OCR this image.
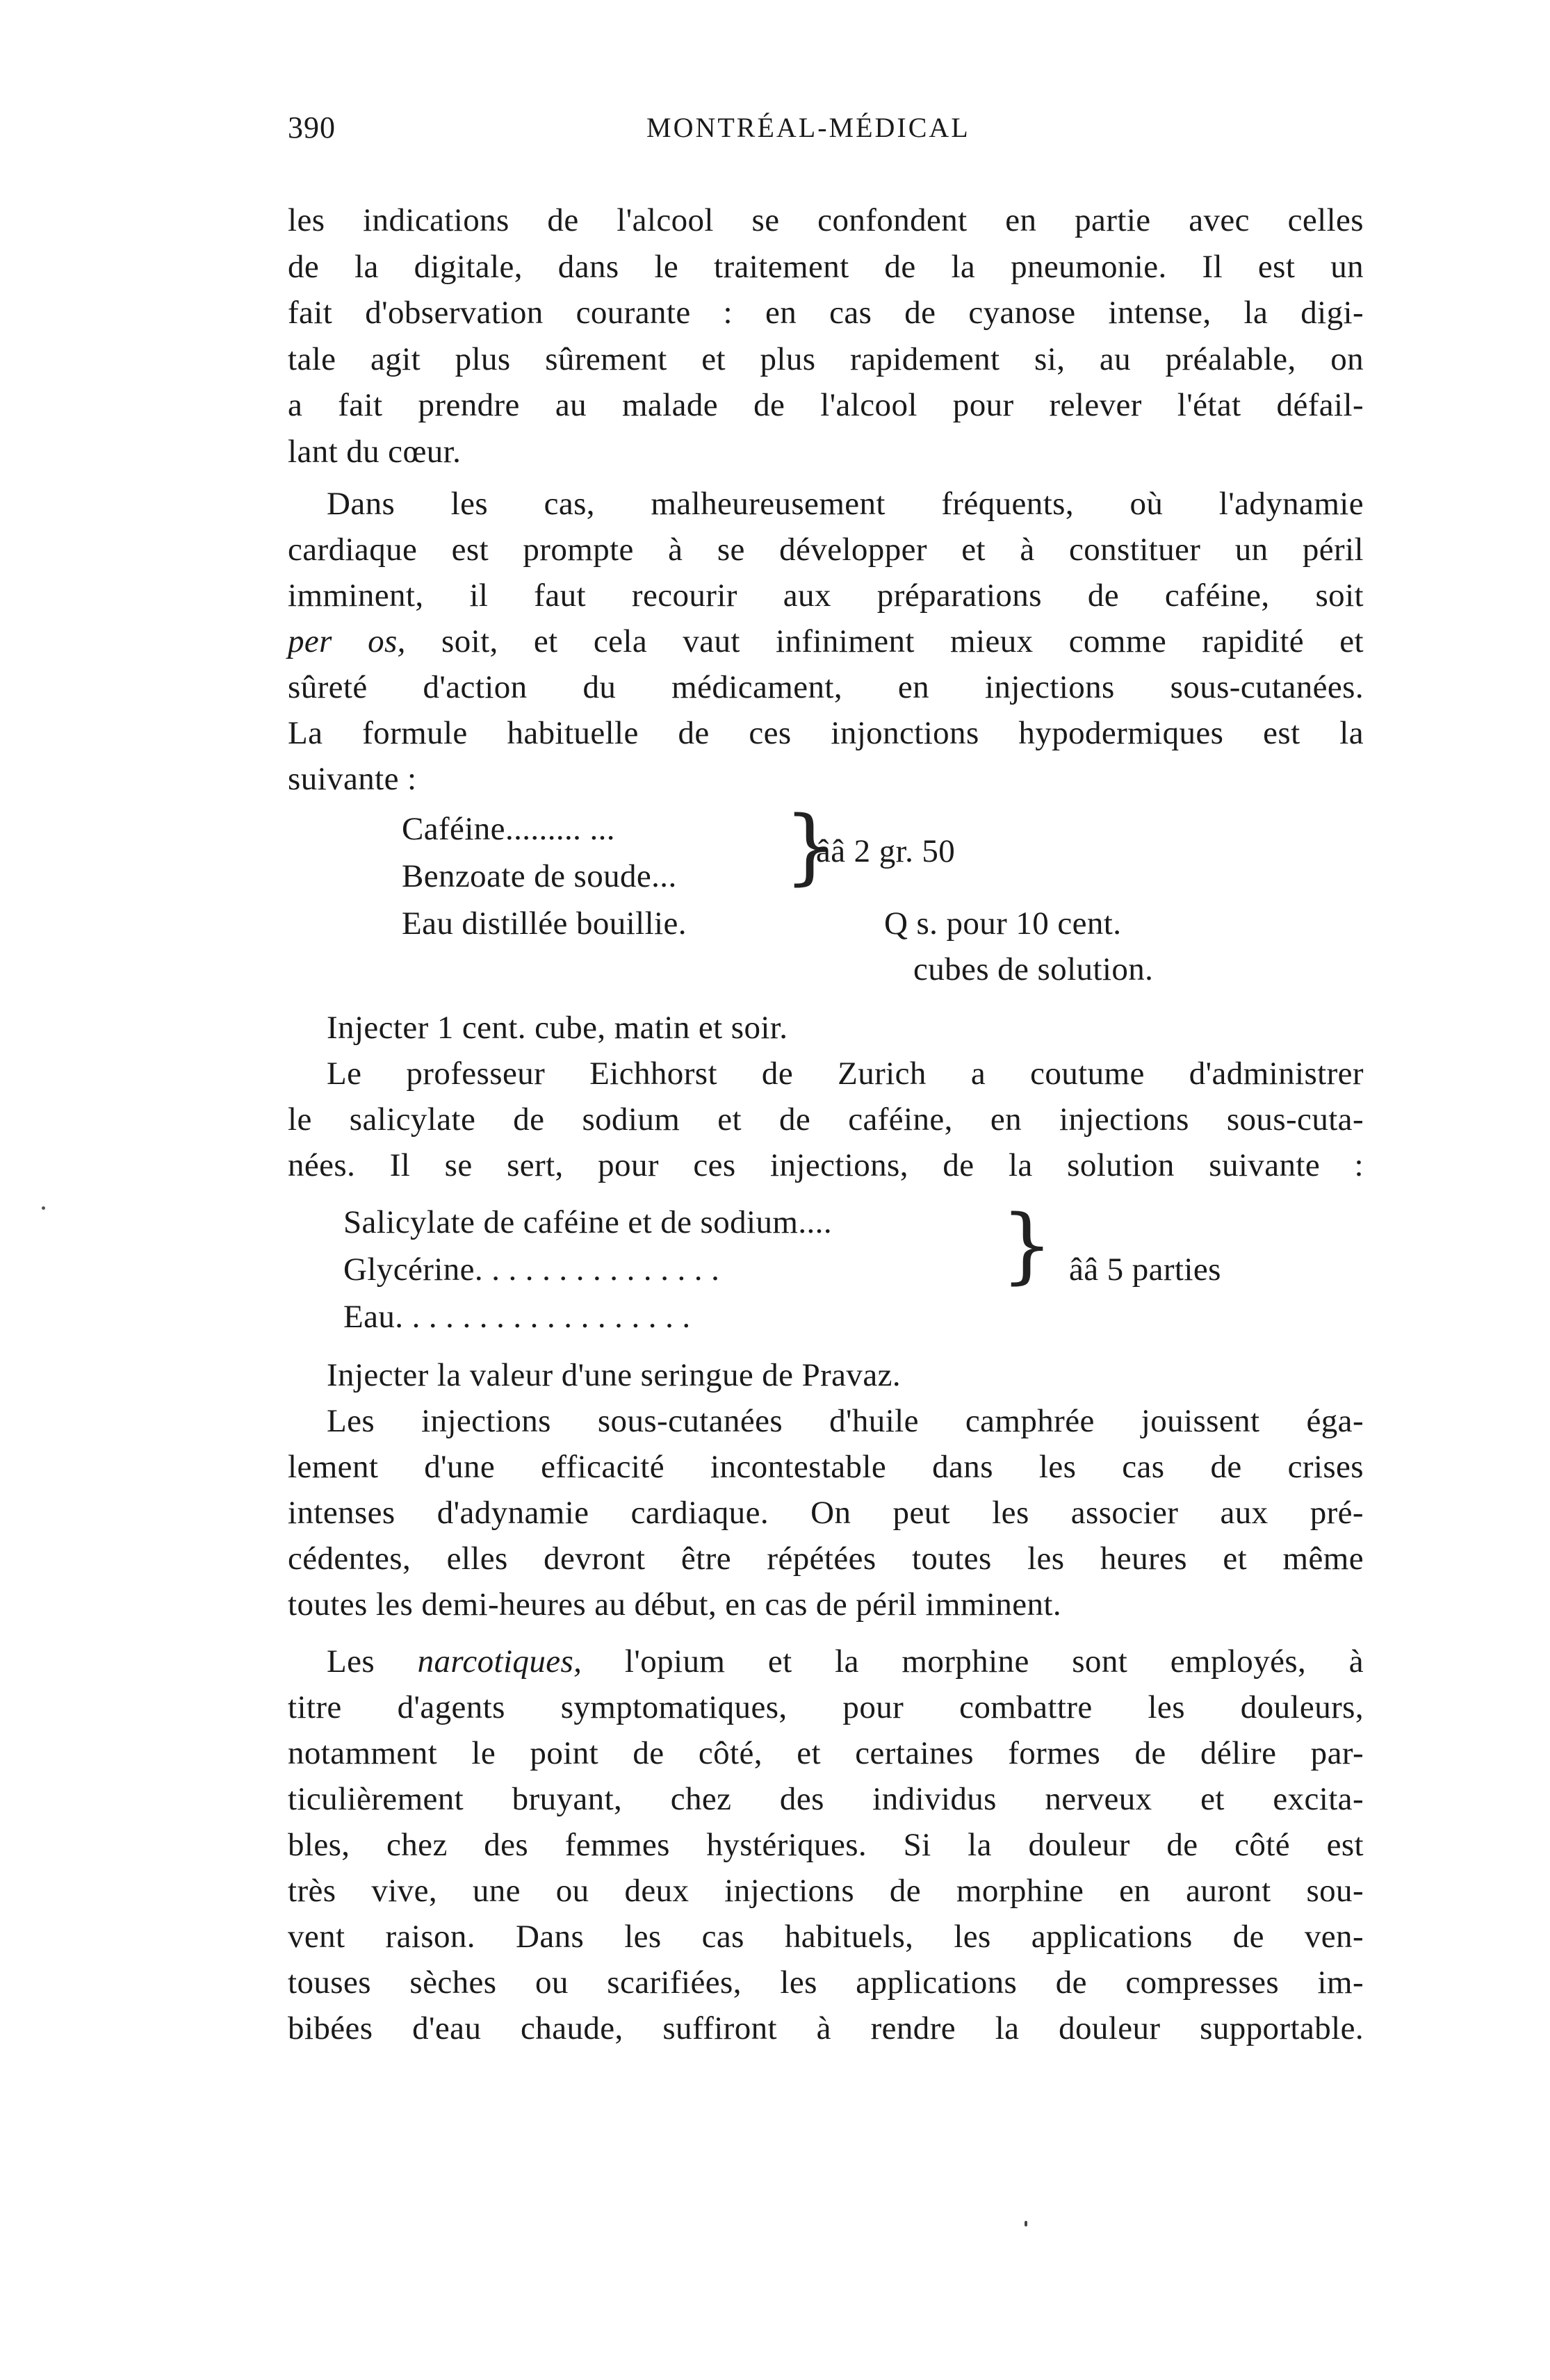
390	MONTRÉAL-MÉDICAL
les indications de l'alcool se confondent en partie avec celles
de la digitale, dans le traitement de la pneumonie. Il est un
fait d'observation courante : en cas de cyanose intense, la digi-
tale agit plus sûrement et plus rapidement si, au préalable, on
a fait prendre au malade de l'alcool pour relever l'état défail-
lant du cœur.
Dans les cas, malheureusement fréquents, où l'adynamie
cardiaque est prompte à se développer et à constituer un péril
imminent, il faut recourir aux préparations de caféine, soit
per os, soit, et cela vaut infiniment mieux comme rapidité et
sûreté d'action du médicament, en injections sous-cutanées.
La formule habituelle de ces injonctions hypodermiques est la
suivante :
Caféine......... ...
Benzoate de soude... }
ââ 2 gr. 50
Eau distillée bouillie.	Q s. pour 10 cent.
cubes de solution.
Injecter 1 cent. cube, matin et soir.
Le professeur Eichhorst de Zurich a coutume d'administrer
le salicylate de sodium et de caféine, en injections sous-cuta-
nées. Il se sert, pour ces injections, de la solution suivante :
Salicylate de caféine et de sodium....
Glycérine. . . . . . . . . . . . . . .
Eau. . . . . . . . . . . . . . . . . .
} ââ 5 parties
Injecter la valeur d'une seringue de Pravaz.
Les injections sous-cutanées d'huile camphrée jouissent éga-
lement d'une efficacité incontestable dans les cas de crises
intenses d'adynamie cardiaque. On peut les associer aux pré-
cédentes, elles devront être répétées toutes les heures et même
toutes les demi-heures au début, en cas de péril imminent.
Les narcotiques, l'opium et la morphine sont employés, à
titre d'agents symptomatiques, pour combattre les douleurs,
notamment le point de côté, et certaines formes de délire par-
ticulièrement bruyant, chez des individus nerveux et excita-
bles, chez des femmes hystériques. Si la douleur de côté est
très vive, une ou deux injections de morphine en auront sou-
vent raison. Dans les cas habituels, les applications de ven-
touses sèches ou scarifiées, les applications de compresses im-
bibées d'eau chaude, suffiront à rendre la douleur supportable.
